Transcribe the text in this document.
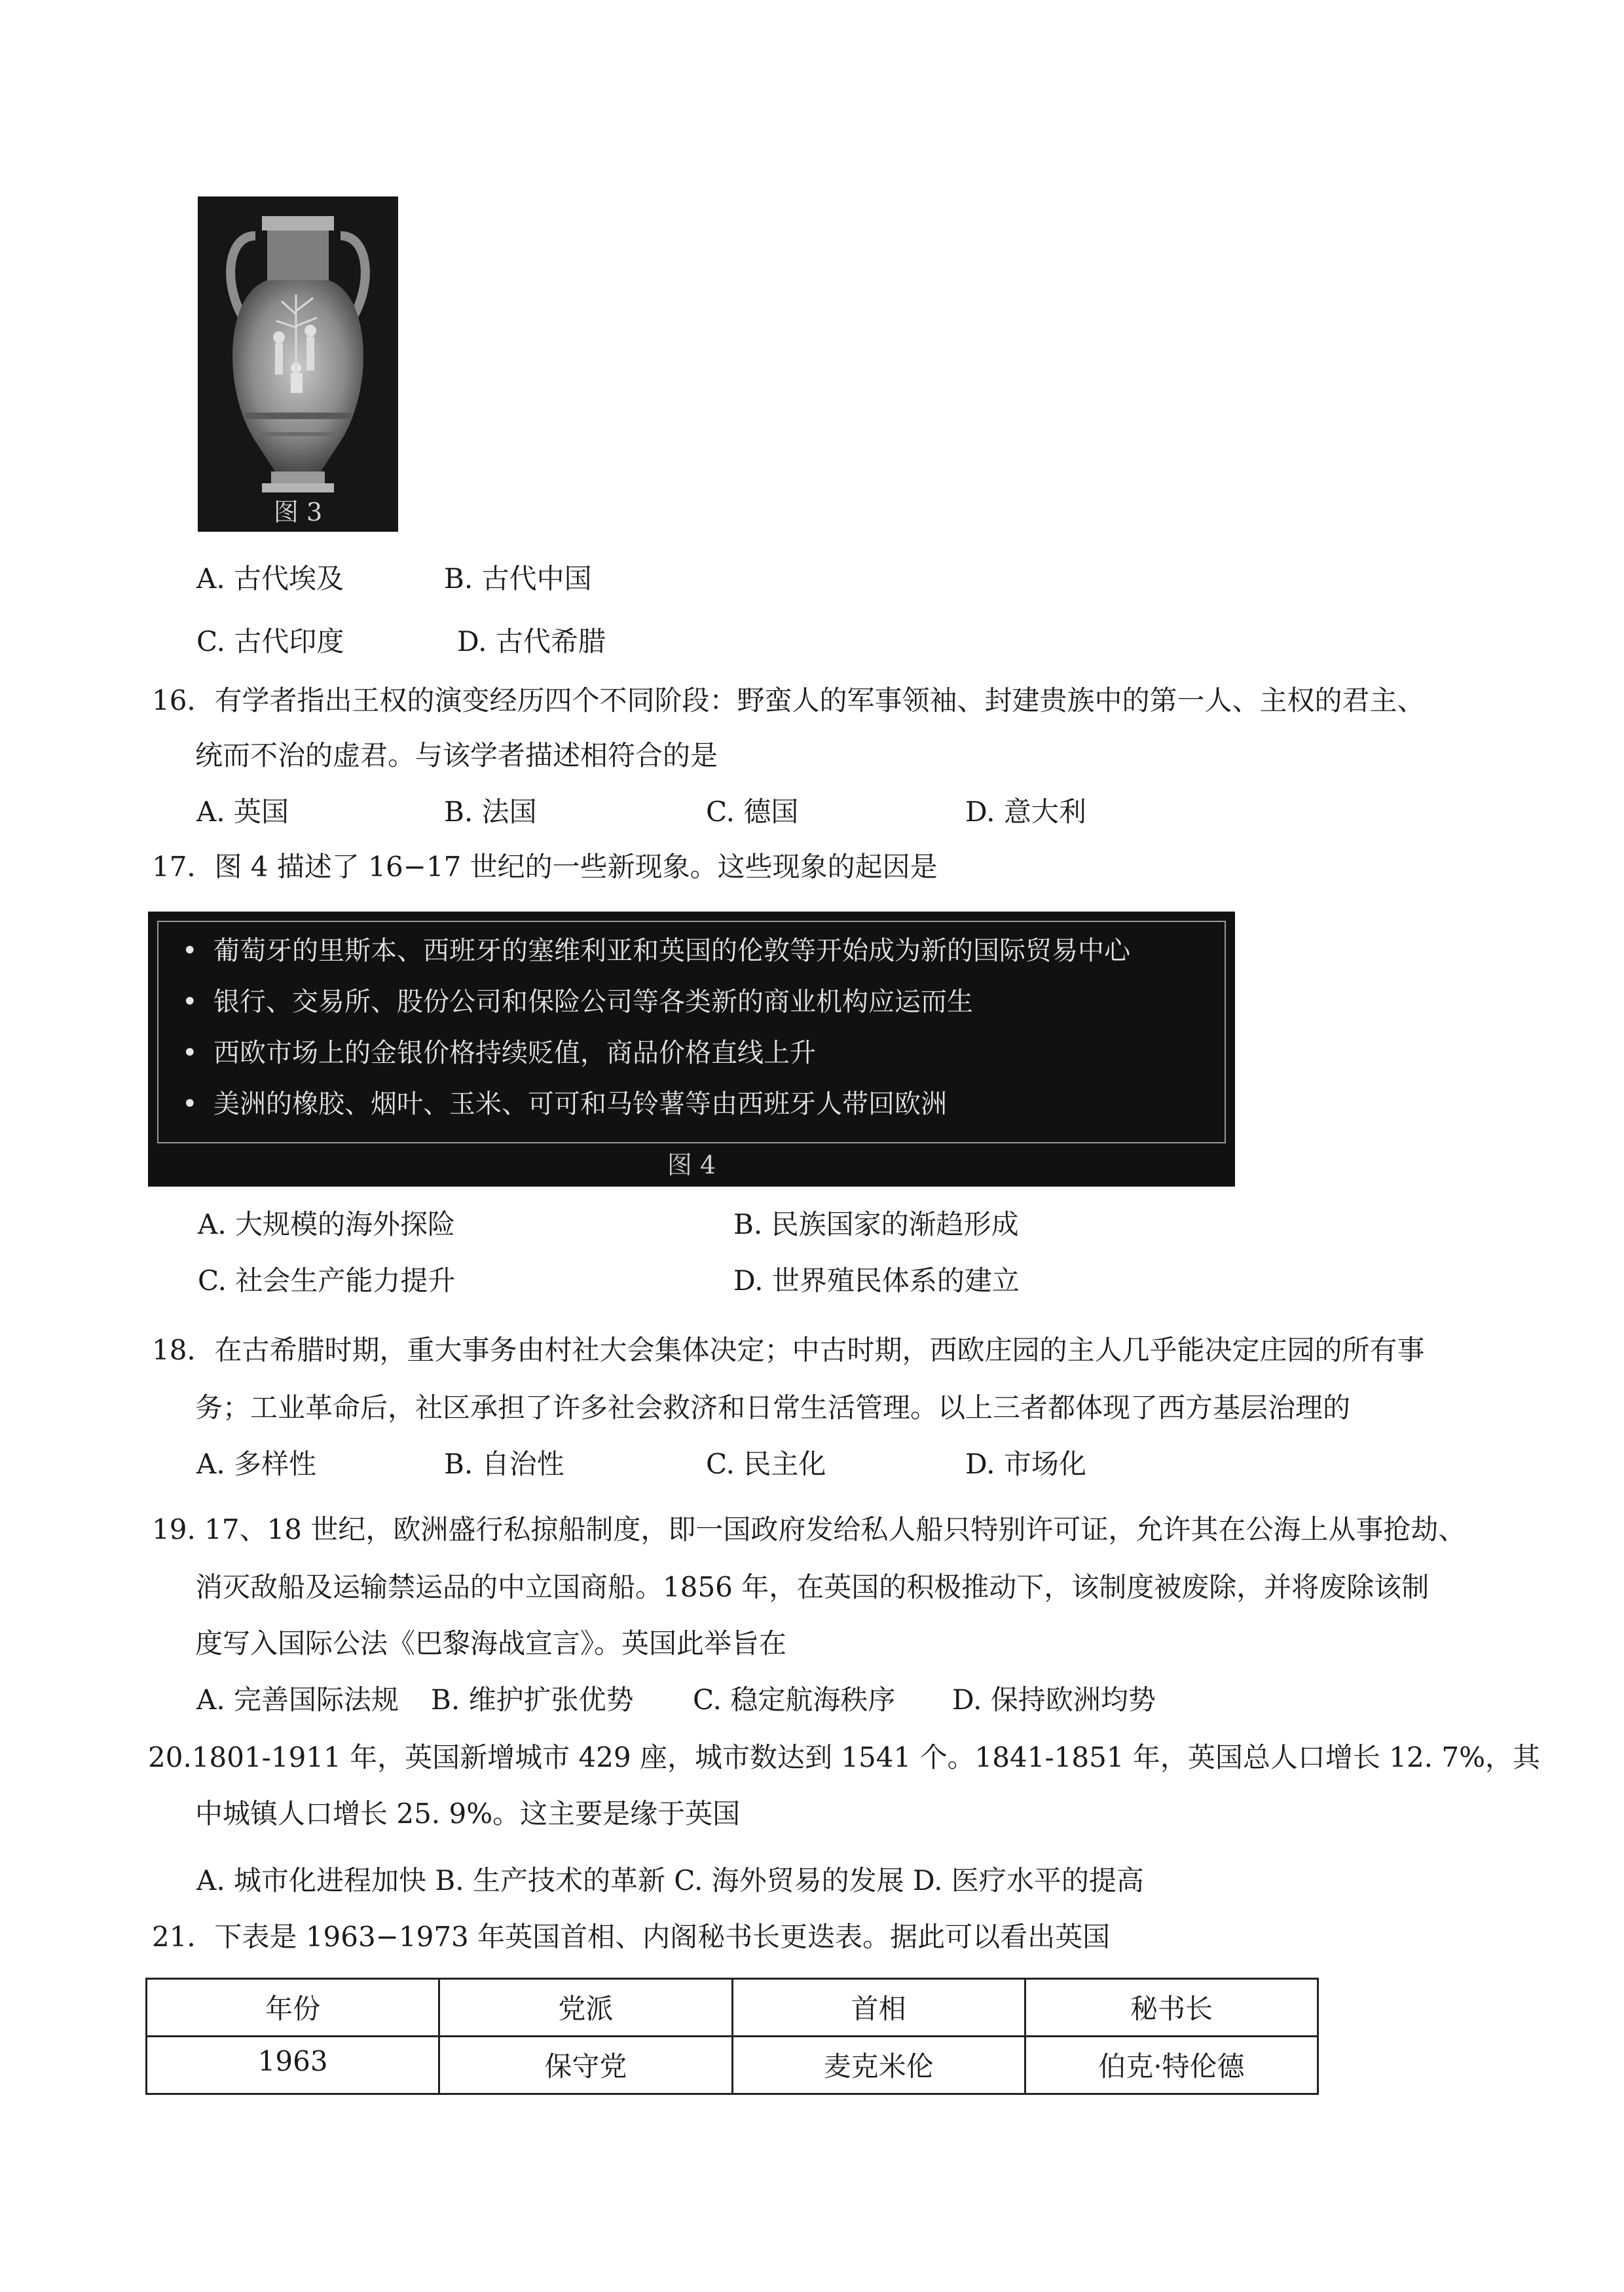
图 3
A. 古代埃及	B. 古代中国
C. 古代印度	D. 古代希腊
16．有学者指出王权的演变经历四个不同阶段：野蛮人的军事领袖、封建贵族中的第一人、主权的君主、
统而不治的虚君。与该学者描述相符合的是
A. 英国	B. 法国	C. 德国	D. 意大利
17．图 4 描述了 16−17 世纪的一些新现象。这些现象的起因是
• 葡萄牙的里斯本、西班牙的塞维利亚和英国的伦敦等开始成为新的国际贸易中心
• 银行、交易所、股份公司和保险公司等各类新的商业机构应运而生
• 西欧市场上的金银价格持续贬值，商品价格直线上升
• 美洲的橡胶、烟叶、玉米、可可和马铃薯等由西班牙人带回欧洲
图 4
A. 大规模的海外探险	B. 民族国家的渐趋形成
C. 社会生产能力提升	D. 世界殖民体系的建立
18．在古希腊时期，重大事务由村社大会集体决定；中古时期，西欧庄园的主人几乎能决定庄园的所有事
务；工业革命后，社区承担了许多社会救济和日常生活管理。以上三者都体现了西方基层治理的
A. 多样性	B. 自治性	C. 民主化	D. 市场化
19. 17、18 世纪，欧洲盛行私掠船制度，即一国政府发给私人船只特别许可证，允许其在公海上从事抢劫、
消灭敌船及运输禁运品的中立国商船。1856 年，在英国的积极推动下，该制度被废除，并将废除该制
度写入国际公法《巴黎海战宣言》。英国此举旨在
A. 完善国际法规 B. 维护扩张优势 C. 稳定航海秩序 D. 保持欧洲均势
20.1801-1911 年，英国新增城市 429 座，城市数达到 1541 个。1841-1851 年，英国总人口增长 12. 7%，其
中城镇人口增长 25. 9%。这主要是缘于英国
A. 城市化进程加快 B. 生产技术的革新 C. 海外贸易的发展 D. 医疗水平的提高
21．下表是 1963−1973 年英国首相、内阁秘书长更迭表。据此可以看出英国
年份	党派	首相	秘书长
1963	保守党	麦克米伦	伯克·特伦德
